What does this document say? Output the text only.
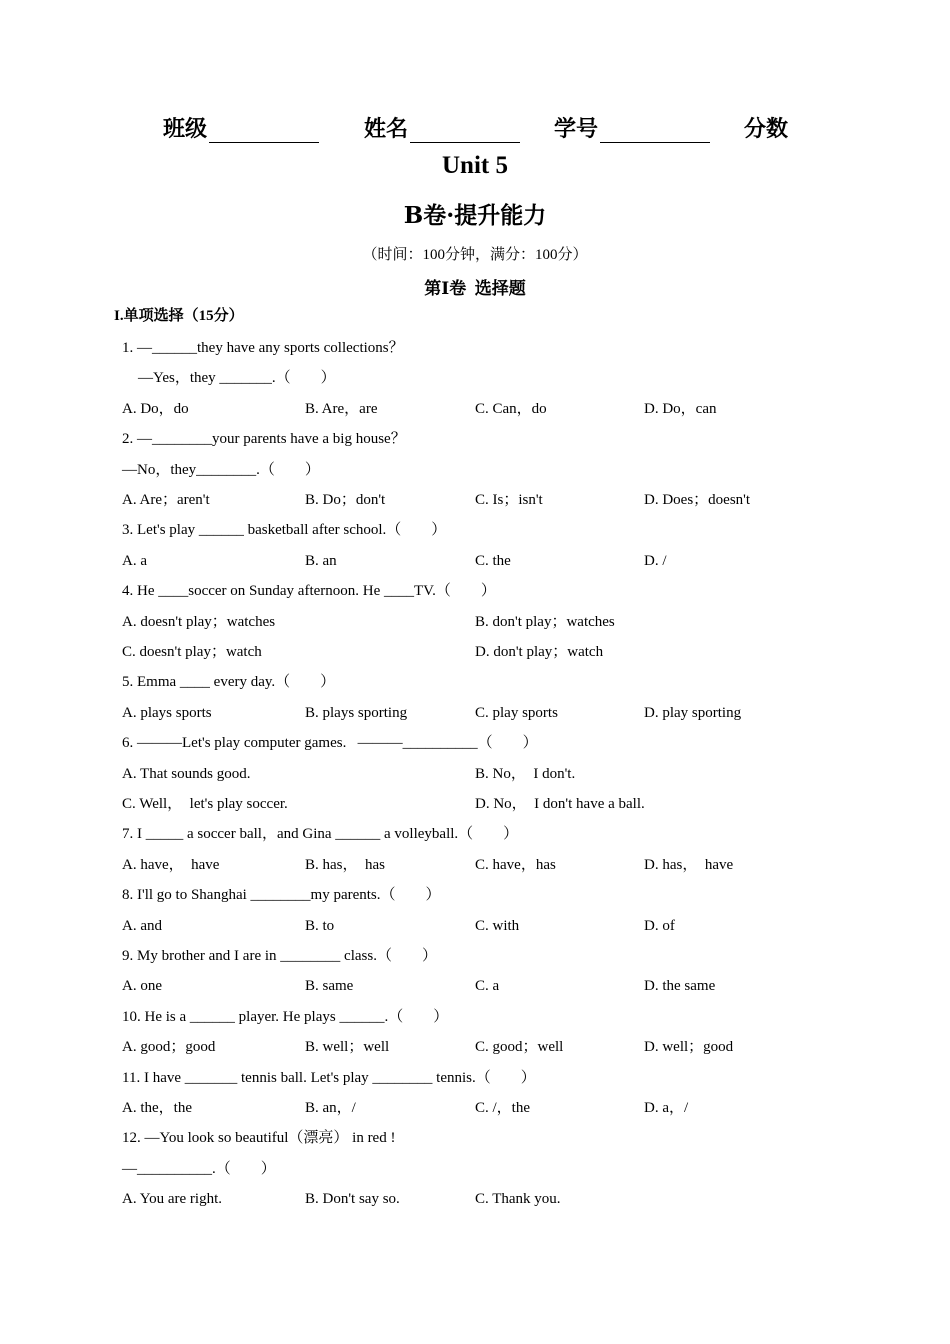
班级	姓名	学号	分数
Unit 5
B卷·提升能力
（时间：100分钟，满分：100分）
第Ⅰ卷  选择题
I.单项选择（15分）
1. —______they have any sports collections？
—Yes，they _______.（　　）
A. Do，do	B. Are，are	C. Can，do	D. Do，can
2. —________your parents have a big house？
—No，they________.（　　）
A. Are；aren't	B. Do；don't	C. Is；isn't	D. Does；doesn't
3. Let's play ______ basketball after school.（　　）
A. a	B. an	C. the	D. /
4. He ____soccer on Sunday afternoon. He ____TV.（　　）
A. doesn't play；watches	B. don't play；watches
C. doesn't play；watch	D. don't play；watch
5. Emma ____ every day.（　　）
A. plays sports	B. plays sporting	C. play sports	D. play sporting
6. ———Let's play computer games.   ———__________（　　）
A. That sounds good.	B. No，  I don't.
C. Well，  let's play soccer.	D. No，  I don't have a ball.
7. I _____ a soccer ball，and Gina ______ a volleyball.（　　）
A. have，  have	B. has，  has	C. have，has	D. has，  have
8. I'll go to Shanghai ________my parents.（　　）
A. and	B. to	C. with	D. of
9. My brother and I are in ________ class.（　　）
A. one	B. same	C. a	D. the same
10. He is a ______ player. He plays ______.（　　）
A. good；good	B. well；well	C. good；well	D. well；good
11. I have _______ tennis ball. Let's play ________ tennis.（　　）
A. the，the	B. an，/	C. /，the	D. a，/
12. —You look so beautiful（漂亮） in red !
—__________.（　　）
A. You are right.	B. Don't say so.	C. Thank you.
